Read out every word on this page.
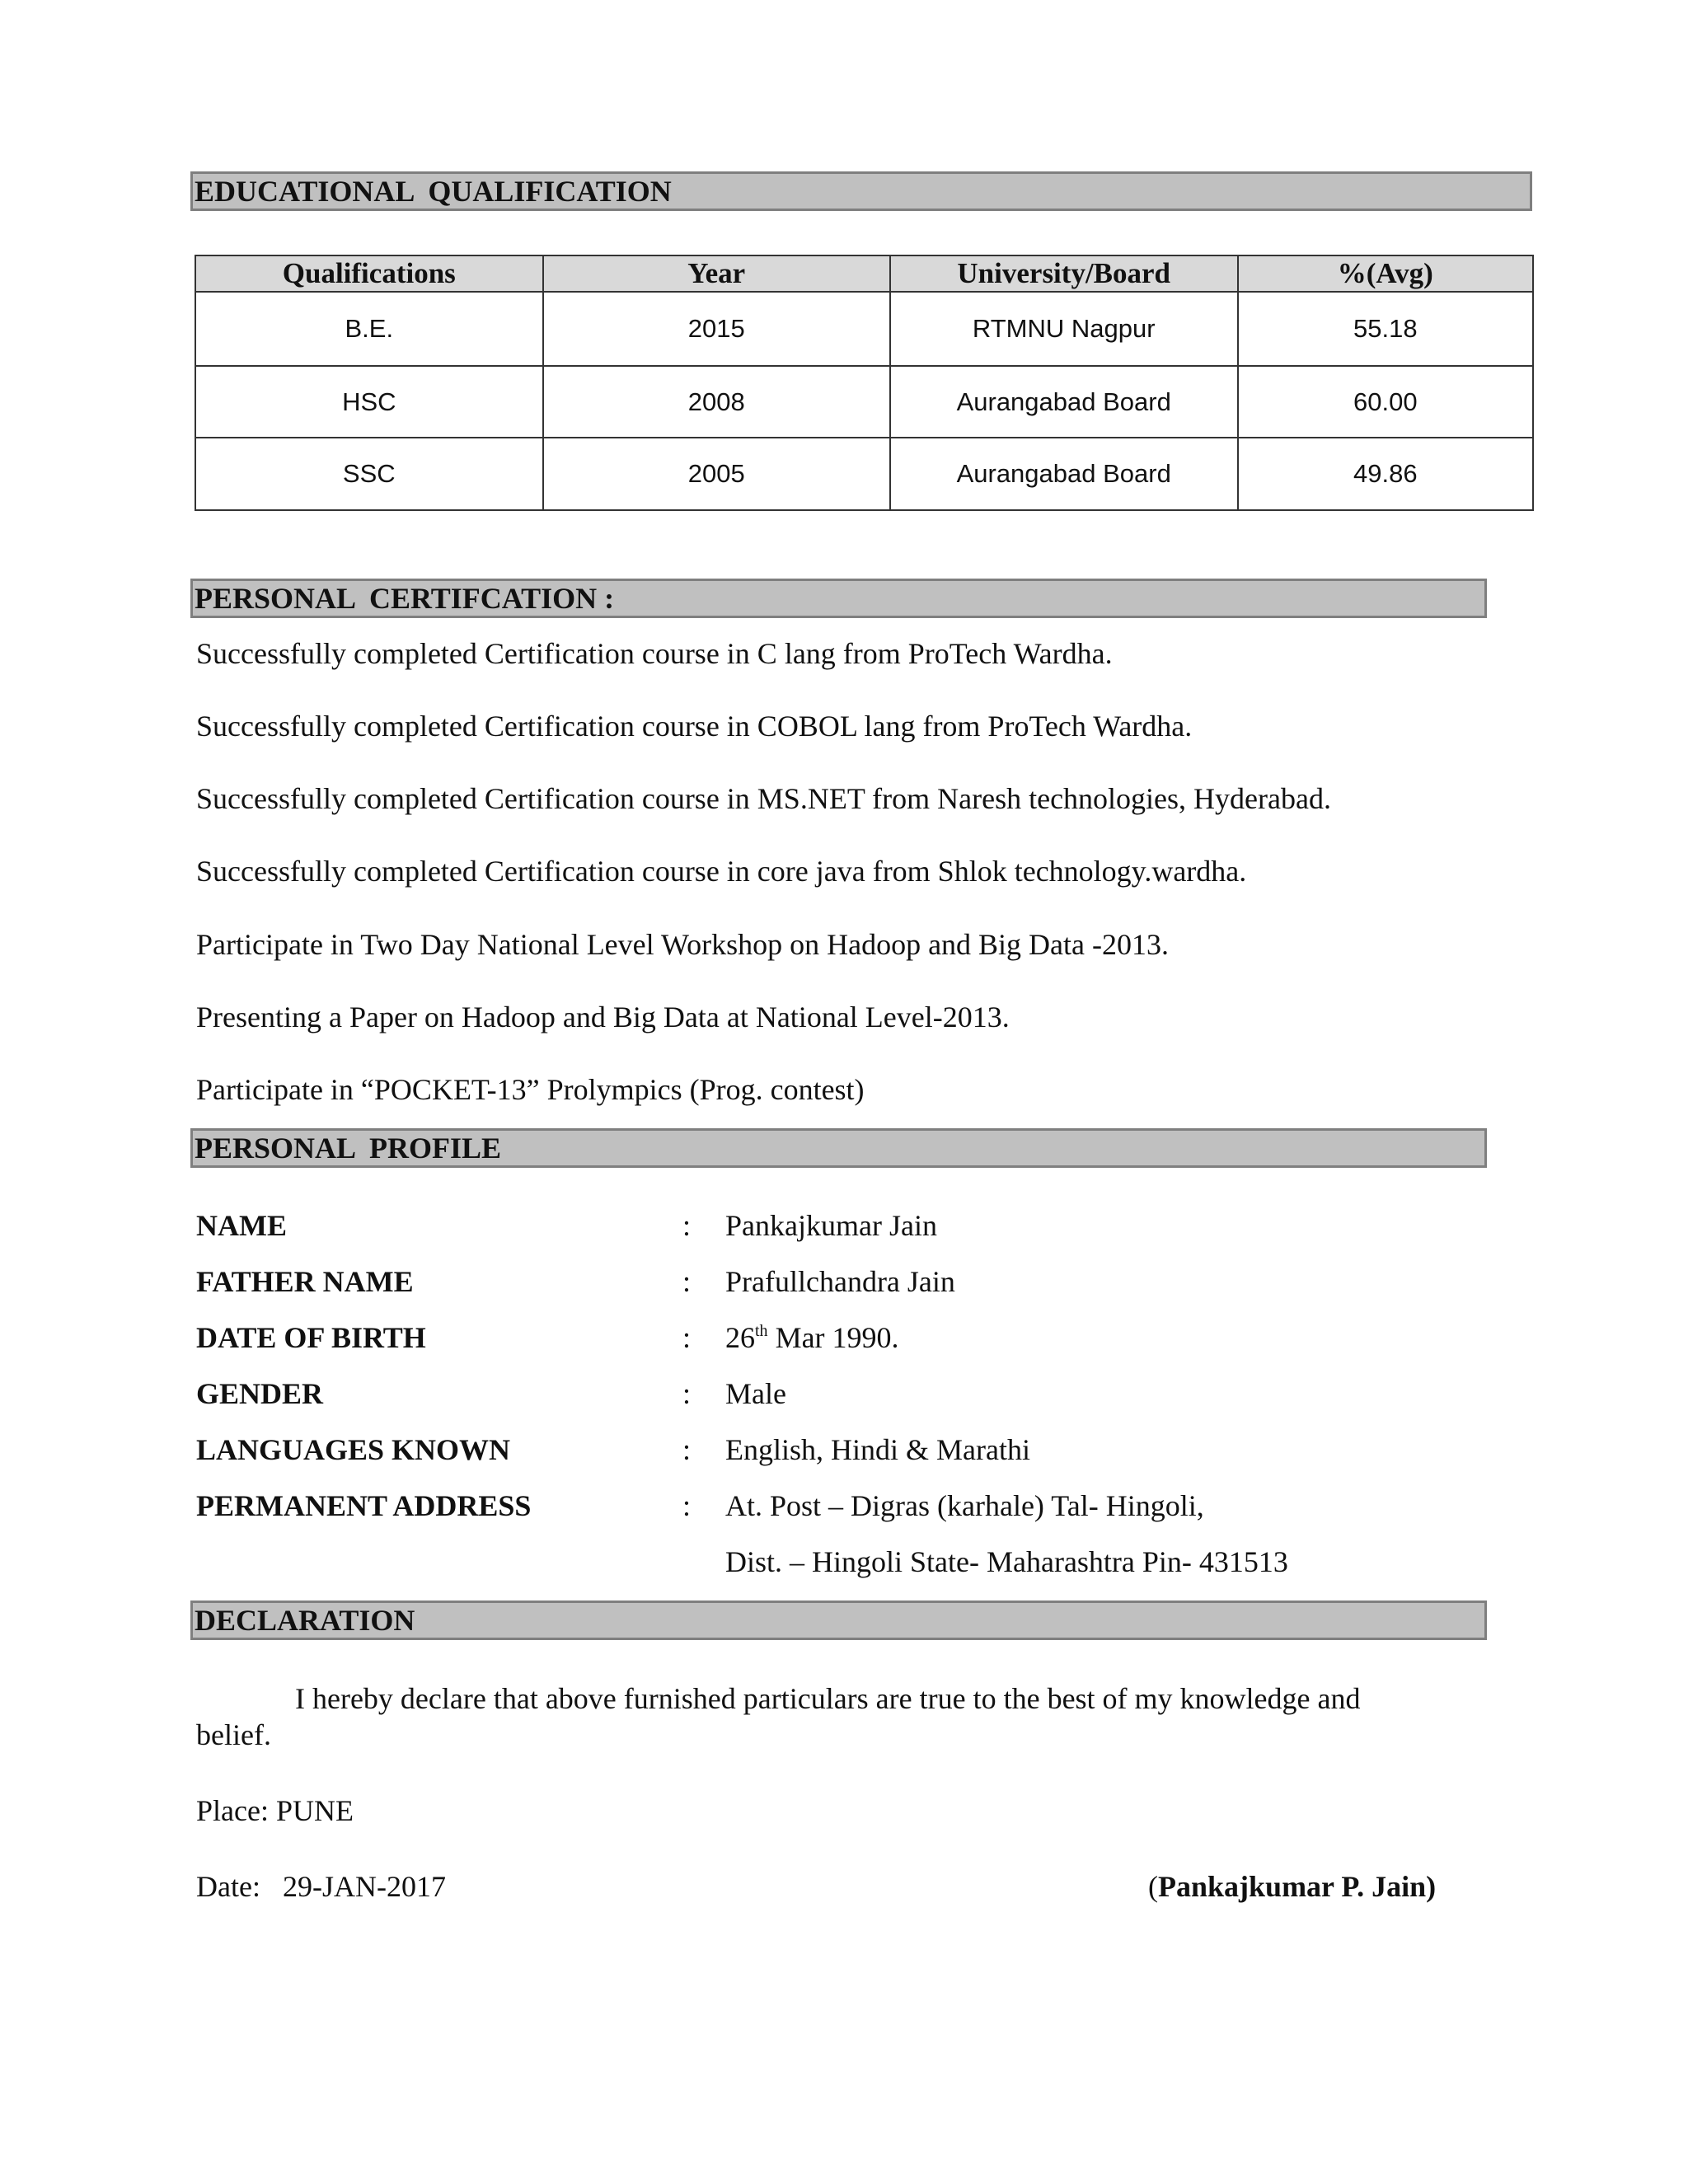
EDUCATIONAL  QUALIFICATION
Qualifications	Year	University/Board	%(Avg)
B.E.	2015	RTMNU Nagpur	55.18
HSC	2008	Aurangabad Board	60.00
SSC	2005	Aurangabad Board	49.86
PERSONAL  CERTIFCATION :
Successfully completed Certification course in C lang from ProTech Wardha.
Successfully completed Certification course in COBOL lang from ProTech Wardha.
Successfully completed Certification course in MS.NET from Naresh technologies, Hyderabad.
Successfully completed Certification course in core java from Shlok technology.wardha.
Participate in Two Day National Level Workshop on Hadoop and Big Data -2013.
Presenting a Paper on Hadoop and Big Data at National Level-2013.
Participate in “POCKET-13” Prolympics (Prog. contest)
PERSONAL  PROFILE
NAME	: Pankajkumar Jain
FATHER NAME	: Prafullchandra Jain
DATE OF BIRTH	: 26th Mar 1990.
GENDER	: Male
LANGUAGES KNOWN	: English, Hindi & Marathi
PERMANENT ADDRESS	: At. Post – Digras (karhale) Tal- Hingoli,
Dist. – Hingoli State- Maharashtra Pin- 431513
DECLARATION
I hereby declare that above furnished particulars are true to the best of my knowledge and
belief.
Place: PUNE
Date: 29-JAN-2017	(Pankajkumar P. Jain)
